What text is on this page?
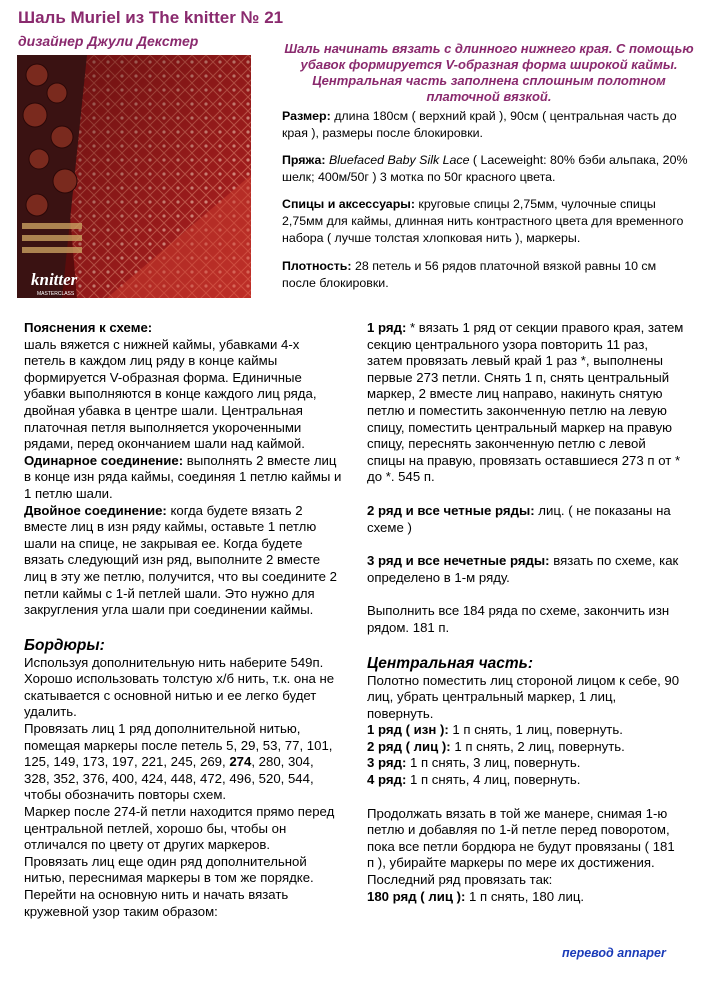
Шаль Muriel из The knitter № 21
дизайнер Джули Декстер
knitter
MASTERCLASS
Шаль начинать вязать с длинного нижнего края. С помощью убавок формируется V-образная форма широкой каймы. Центральная часть заполнена сплошным полотном платочной вязкой.
Размер: длина 180см ( верхний край ), 90см ( центральная часть до края ), размеры после блокировки.
Пряжа: Bluefaced Baby Silk Lace ( Laceweight: 80% бэби альпака, 20% шелк; 400м/50г ) 3 мотка по 50г красного цвета.
Спицы и аксессуары: круговые спицы 2,75мм, чулочные спицы 2,75мм для каймы, длинная нить контрастного цвета для временного набора ( лучше толстая хлопковая нить ), маркеры.
Плотность: 28 петель и 56 рядов платочной вязкой равны 10 см после блокировки.

Пояснения к схеме:

шаль вяжется с нижней каймы, убавками 4-х петель в каждом лиц ряду в конце каймы формируется V-образная форма. Единичные убавки выполняются в конце каждого лиц ряда, двойная убавка в центре шали. Центральная платочная петля выполняется укороченными рядами, перед окончанием шали над каймой.

Одинарное соединение: выполнять 2 вместе лиц в конце изн ряда каймы, соединяя 1 петлю каймы и 1 петлю шали.

Двойное соединение: когда будете вязать 2 вместе лиц в изн ряду каймы, оставьте 1 петлю шали на спице, не закрывая ее. Когда будете вязать следующий изн ряд, выполните 2 вместе лиц в эту же петлю, получится, что вы соедините 2 петли каймы с 1-й петлей шали. Это нужно для закругления угла шали при соединении каймы.

Бордюры:

Используя дополнительную нить наберите 549п.

Хорошо использовать толстую х/б нить, т.к. она не скатывается с основной нитью и ее легко будет удалить.

Провязать лиц 1 ряд дополнительной нитью, помещая маркеры после петель 5, 29, 53, 77, 101, 125, 149, 173, 197, 221, 245, 269, 274, 280, 304, 328, 352, 376, 400, 424, 448, 472, 496, 520, 544, чтобы обозначить повторы схем.

Маркер после 274-й петли находится прямо перед центральной петлей, хорошо бы, чтобы он отличался по цвету от других маркеров.

Провязать лиц еще один ряд дополнительной нитью, переснимая маркеры в том же порядке.

Перейти на основную нить и начать вязать кружевной узор таким образом:

1 ряд: * вязать 1 ряд от секции правого края, затем секцию центрального узора повторить 11 раз, затем провязать левый край 1 раз *, выполнены первые 273 петли. Снять 1 п, снять центральный маркер, 2 вместе лиц направо, накинуть снятую петлю и поместить законченную петлю на левую спицу, поместить центральный маркер на правую спицу, переснять законченную петлю с левой спицы на правую, провязать оставшиеся 273 п от * до *. 545 п.

2 ряд и все четные ряды: лиц. ( не показаны на схеме )

3 ряд и все нечетные ряды: вязать по схеме, как определено в 1-м ряду.

Выполнить все 184 ряда по схеме, закончить изн рядом. 181 п.

Центральная часть:

Полотно поместить лиц стороной лицом к себе, 90 лиц, убрать центральный маркер, 1 лиц, повернуть.

1 ряд ( изн ): 1 п снять, 1 лиц, повернуть.

2 ряд ( лиц ): 1 п снять, 2 лиц, повернуть.

3 ряд: 1 п снять, 3 лиц, повернуть.

4 ряд: 1 п снять, 4 лиц, повернуть.

Продолжать вязать в той же манере, снимая 1-ю петлю и добавляя по 1-й петле перед поворотом, пока все петли бордюра не будут провязаны ( 181 п ), убирайте маркеры по мере их достижения. Последний ряд провязать так:

180 ряд ( лиц ): 1 п снять, 180 лиц.

перевод annaper
